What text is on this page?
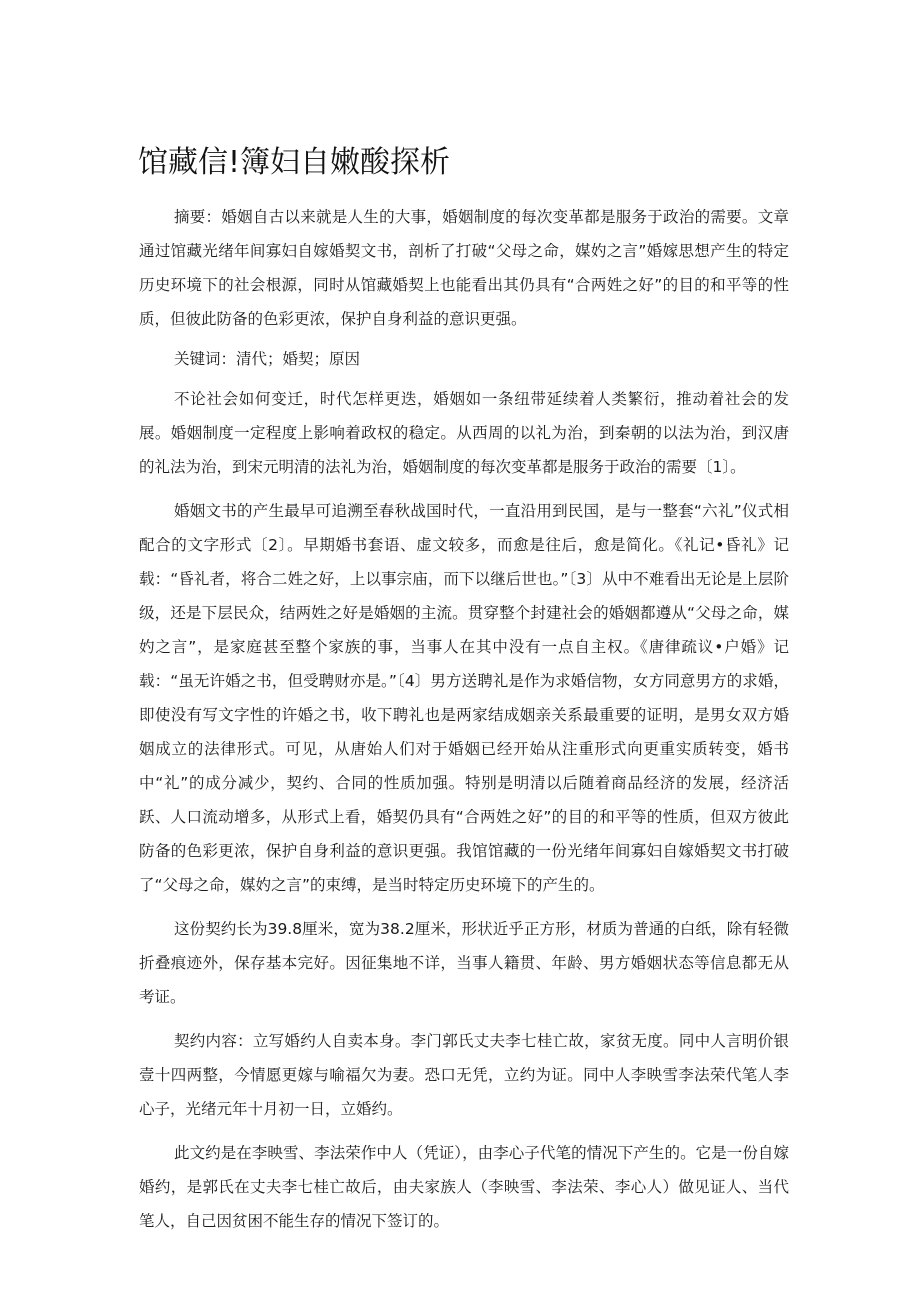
馆藏信!簿妇自嫩酸探析

摘要：婚姻自古以来就是人生的大事，婚姻制度的每次变革都是服务于政治的需要。文章通过馆藏光绪年间寡妇自嫁婚契文书，剖析了打破“父母之命，媒妁之言”婚嫁思想产生的特定历史环境下的社会根源，同时从馆藏婚契上也能看出其仍具有“合两姓之好”的目的和平等的性质，但彼此防备的色彩更浓，保护自身利益的意识更强。

关键词：清代；婚契；原因

不论社会如何变迁，时代怎样更迭，婚姻如一条纽带延续着人类繁衍，推动着社会的发展。婚姻制度一定程度上影响着政权的稳定。从西周的以礼为治，到秦朝的以法为治，到汉唐的礼法为治，到宋元明清的法礼为治，婚姻制度的每次变革都是服务于政治的需要〔1〕。

婚姻文书的产生最早可追溯至春秋战国时代，一直沿用到民国，是与一整套“六礼”仪式相配合的文字形式〔2〕。早期婚书套语、虚文较多，而愈是往后，愈是简化。《礼记•昏礼》记载：“昏礼者，将合二姓之好，上以事宗庙，而下以继后世也。”〔3〕从中不难看出无论是上层阶级，还是下层民众，结两姓之好是婚姻的主流。贯穿整个封建社会的婚姻都遵从“父母之命，媒妁之言”，是家庭甚至整个家族的事，当事人在其中没有一点自主权。《唐律疏议•户婚》记载：“虽无许婚之书，但受聘财亦是。”〔4〕男方送聘礼是作为求婚信物，女方同意男方的求婚，即使没有写文字性的许婚之书，收下聘礼也是两家结成姻亲关系最重要的证明，是男女双方婚姻成立的法律形式。可见，从唐始人们对于婚姻已经开始从注重形式向更重实质转变，婚书中“礼”的成分减少，契约、合同的性质加强。特别是明清以后随着商品经济的发展，经济活跃、人口流动增多，从形式上看，婚契仍具有“合两姓之好”的目的和平等的性质，但双方彼此防备的色彩更浓，保护自身利益的意识更强。我馆馆藏的一份光绪年间寡妇自嫁婚契文书打破了“父母之命，媒妁之言”的束缚，是当时特定历史环境下的产生的。

这份契约长为39.8厘米，宽为38.2厘米，形状近乎正方形，材质为普通的白纸，除有轻微折叠痕迹外，保存基本完好。因征集地不详，当事人籍贯、年龄、男方婚姻状态等信息都无从考证。

契约内容：立写婚约人自卖本身。李门郭氏丈夫李七桂亡故，家贫无度。同中人言明价银壹十四两整，今情愿更嫁与喻福欠为妻。恐口无凭，立约为证。同中人李映雪李法荣代笔人李心子，光绪元年十月初一日，立婚约。

此文约是在李映雪、李法荣作中人（凭证），由李心子代笔的情况下产生的。它是一份自嫁婚约，是郭氏在丈夫李七桂亡故后，由夫家族人（李映雪、李法荣、李心人）做见证人、当代笔人，自己因贫困不能生存的情况下签订的。
